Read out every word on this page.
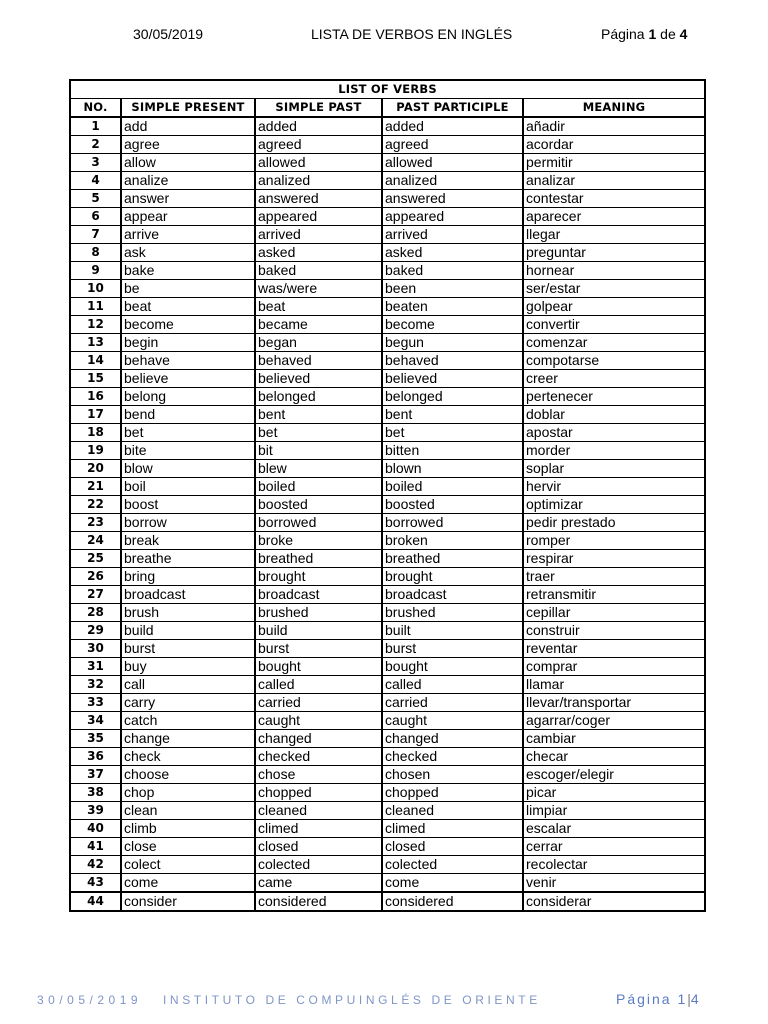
30/05/2019	LISTA DE VERBOS EN INGLÉS	Página 1 de 4
LIST OF VERBS				
NO.	SIMPLE PRESENT	SIMPLE PAST	PAST PARTICIPLE	MEANING
1	add	added	added	añadir
2	agree	agreed	agreed	acordar
3	allow	allowed	allowed	permitir
4	analize	analized	analized	analizar
5	answer	answered	answered	contestar
6	appear	appeared	appeared	aparecer
7	arrive	arrived	arrived	llegar
8	ask	asked	asked	preguntar
9	bake	baked	baked	hornear
10	be	was/were	been	ser/estar
11	beat	beat	beaten	golpear
12	become	became	become	convertir
13	begin	began	begun	comenzar
14	behave	behaved	behaved	compotarse
15	believe	believed	believed	creer
16	belong	belonged	belonged	pertenecer
17	bend	bent	bent	doblar
18	bet	bet	bet	apostar
19	bite	bit	bitten	morder
20	blow	blew	blown	soplar
21	boil	boiled	boiled	hervir
22	boost	boosted	boosted	optimizar
23	borrow	borrowed	borrowed	pedir prestado
24	break	broke	broken	romper
25	breathe	breathed	breathed	respirar
26	bring	brought	brought	traer
27	broadcast	broadcast	broadcast	retransmitir
28	brush	brushed	brushed	cepillar
29	build	build	built	construir
30	burst	burst	burst	reventar
31	buy	bought	bought	comprar
32	call	called	called	llamar
33	carry	carried	carried	llevar/transportar
34	catch	caught	caught	agarrar/coger
35	change	changed	changed	cambiar
36	check	checked	checked	checar
37	choose	chose	chosen	escoger/elegir
38	chop	chopped	chopped	picar
39	clean	cleaned	cleaned	limpiar
40	climb	climed	climed	escalar
41	close	closed	closed	cerrar
42	colect	colected	colected	recolectar
43	come	came	come	venir
44	consider	considered	considered	considerar
30/05/2019 INSTITUTO DE COMPUINGLÉS DE ORIENTE	Página 1|4
